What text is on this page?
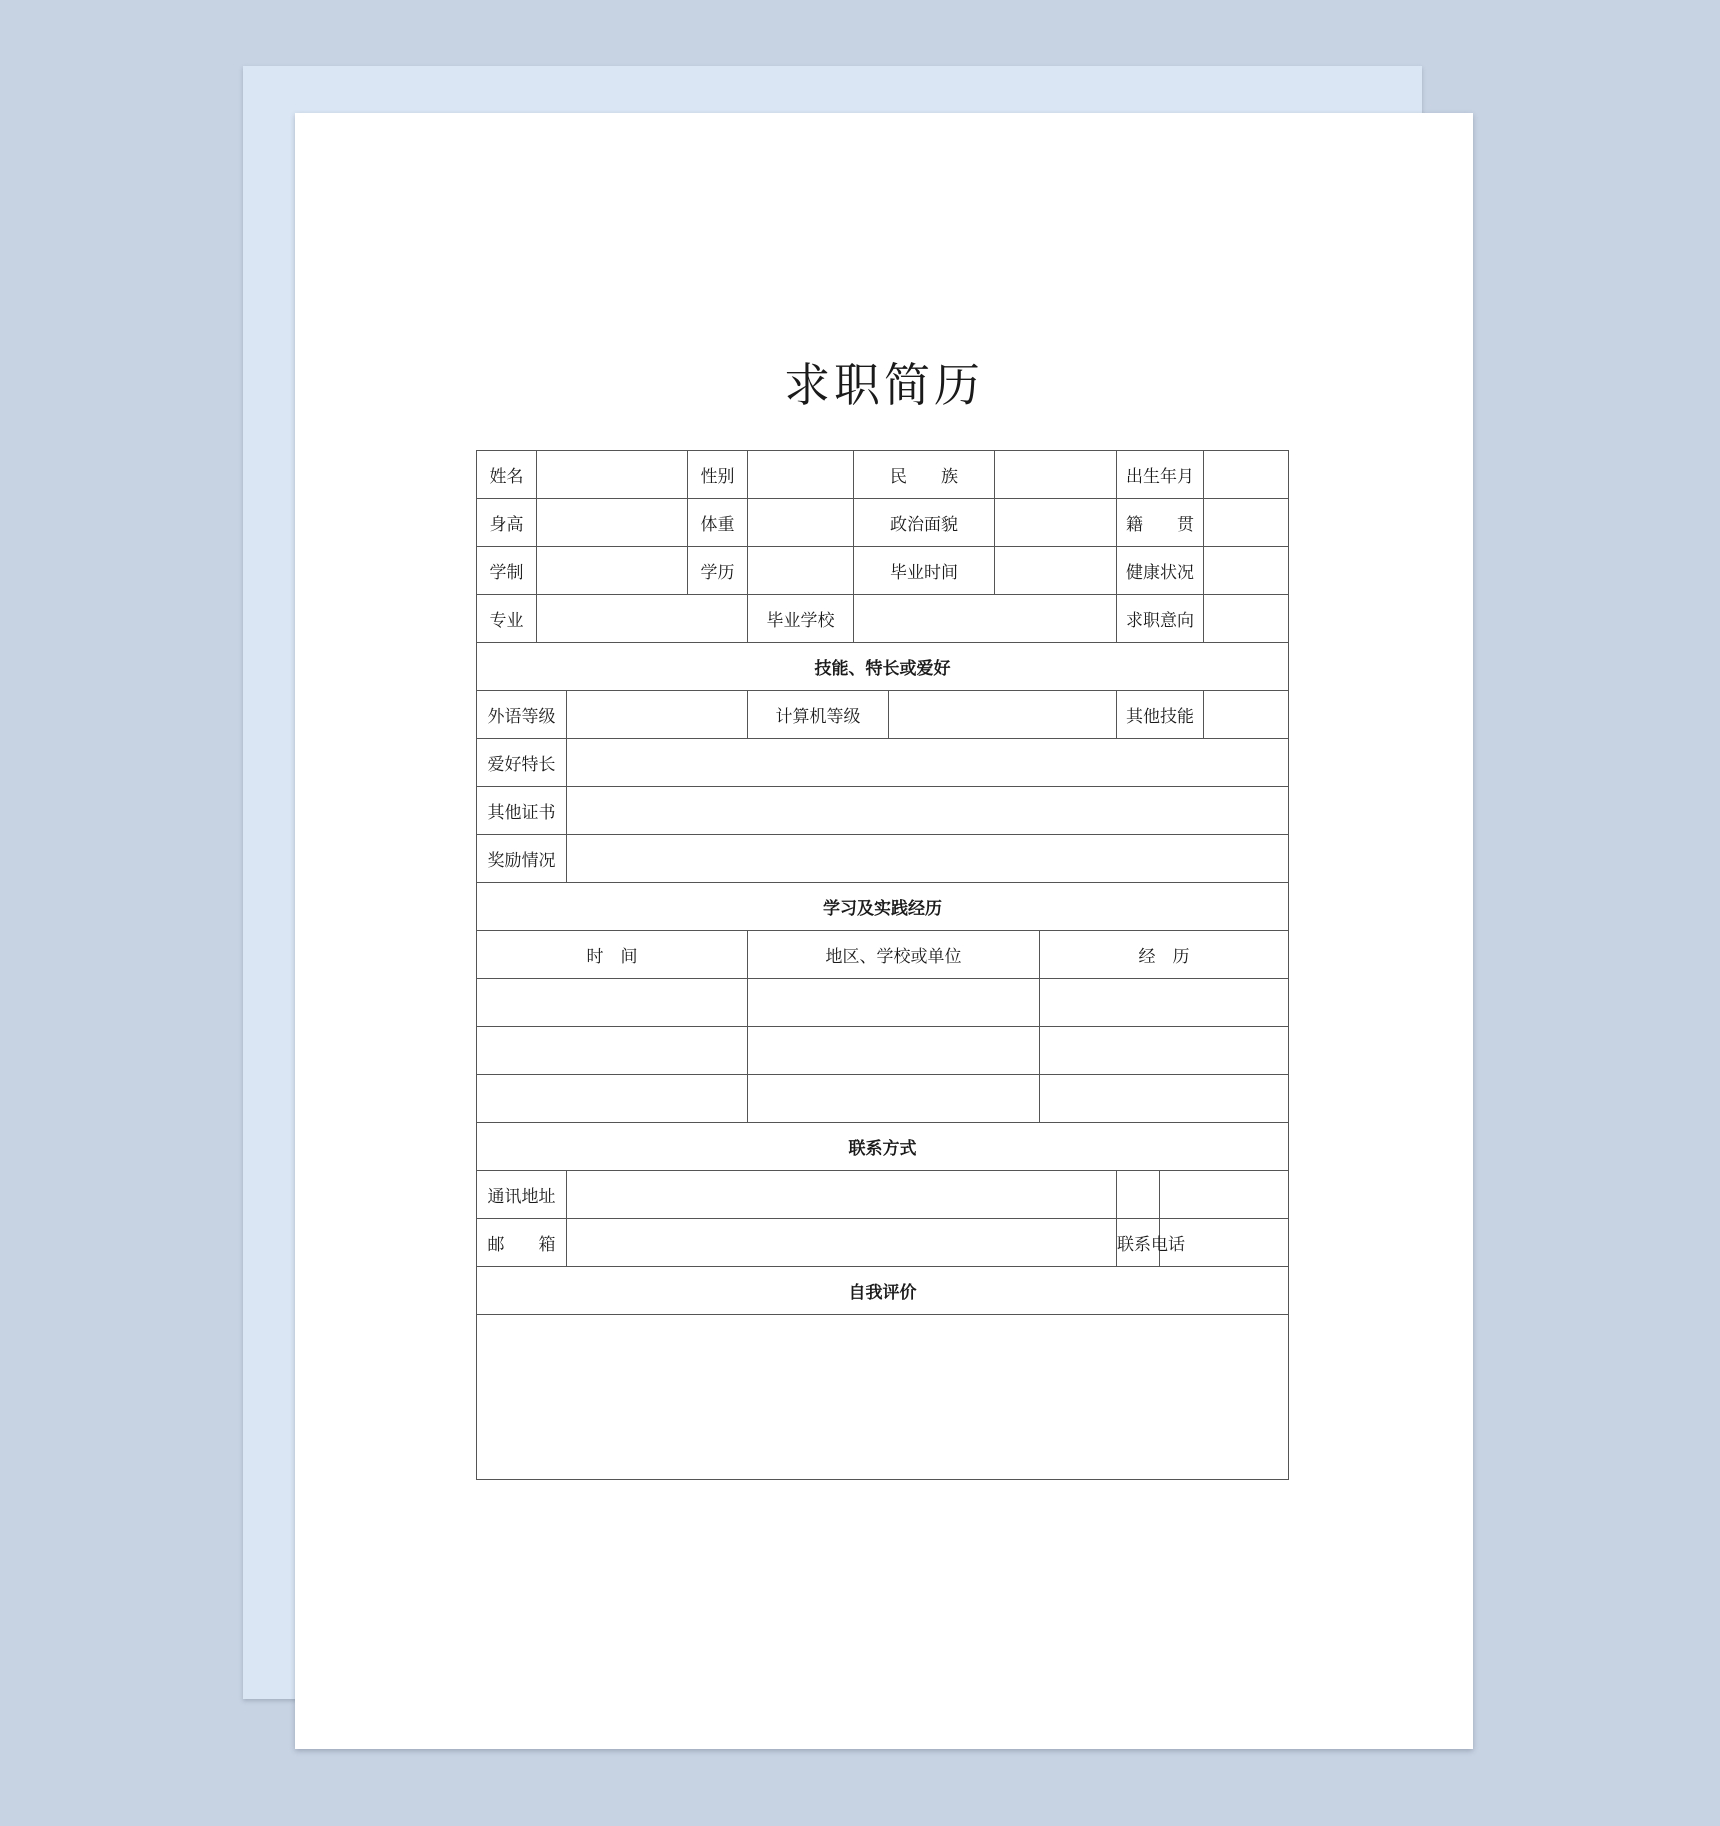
求职简历
姓名			性别		民　　族				出生年月		
身高			体重		政治面貌				籍　　贯		
学制			学历		毕业时间				健康状况		
专业				毕业学校					求职意向		
技能、特长或爱好											
外语等级				计算机等级					其他技能		
爱好特长											
其他证书											
奖励情况											
学习及实践经历											
时　间				地区、学校或单位				经　历			

联系方式											
通讯地址											
邮　　箱									联系电话		
自我评价											
